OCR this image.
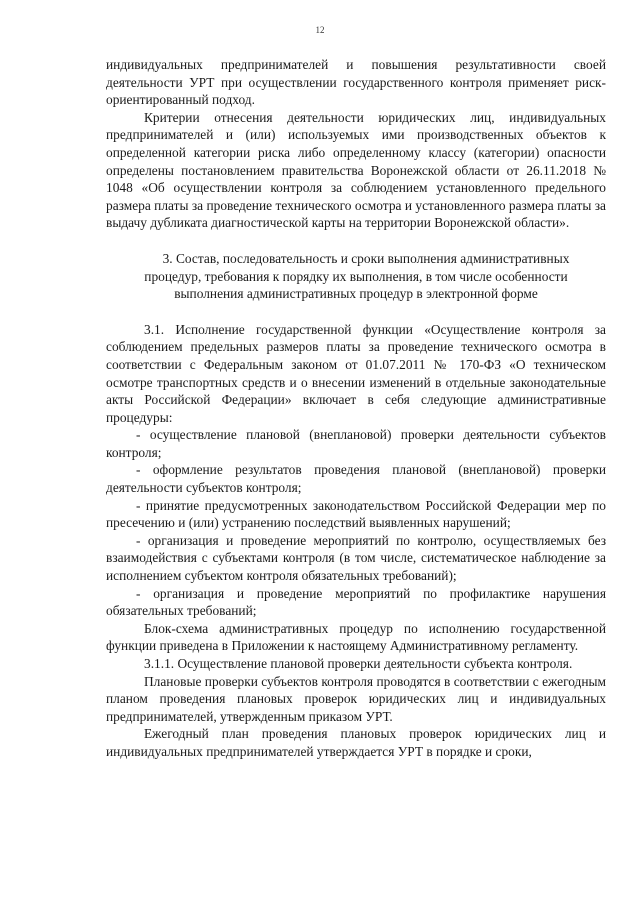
12

индивидуальных предпринимателей и повышения результативности своей деятельности УРТ при осуществлении государственного контроля применяет риск-ориентированный подход.

Критерии отнесения деятельности юридических лиц, индивидуальных предпринимателей и (или) используемых ими производственных объектов к определенной категории риска либо определенному классу (категории) опасности определены постановлением правительства Воронежской области от 26.11.2018 № 1048 «Об осуществлении контроля за соблюдением установленного предельного размера платы за проведение технического осмотра и установленного размера платы за выдачу дубликата диагностической карты на территории Воронежской области».

3. Состав, последовательность и сроки выполнения административных процедур, требования к порядку их выполнения, в том числе особенности выполнения административных процедур в электронной форме

3.1. Исполнение государственной функции «Осуществление контроля за соблюдением предельных размеров платы за проведение технического осмотра в соответствии с Федеральным законом от 01.07.2011 № 170-ФЗ «О техническом осмотре транспортных средств и о внесении изменений в отдельные законодательные акты Российской Федерации» включает в себя следующие административные процедуры:

- осуществление плановой (внеплановой) проверки деятельности субъектов контроля;

- оформление результатов проведения плановой (внеплановой) проверки деятельности субъектов контроля;

- принятие предусмотренных законодательством Российской Федерации мер по пресечению и (или) устранению последствий выявленных нарушений;

- организация и проведение мероприятий по контролю, осуществляемых без взаимодействия с субъектами контроля (в том числе, систематическое наблюдение за исполнением субъектом контроля обязательных требований);

- организация и проведение мероприятий по профилактике нарушения обязательных требований;

Блок-схема административных процедур по исполнению государственной функции приведена в Приложении к настоящему Административному регламенту.

3.1.1. Осуществление плановой проверки деятельности субъекта контроля.

Плановые проверки субъектов контроля проводятся в соответствии с ежегодным планом проведения плановых проверок юридических лиц и индивидуальных предпринимателей, утвержденным приказом УРТ.

Ежегодный план проведения плановых проверок юридических лиц и индивидуальных предпринимателей утверждается УРТ в порядке и сроки,
